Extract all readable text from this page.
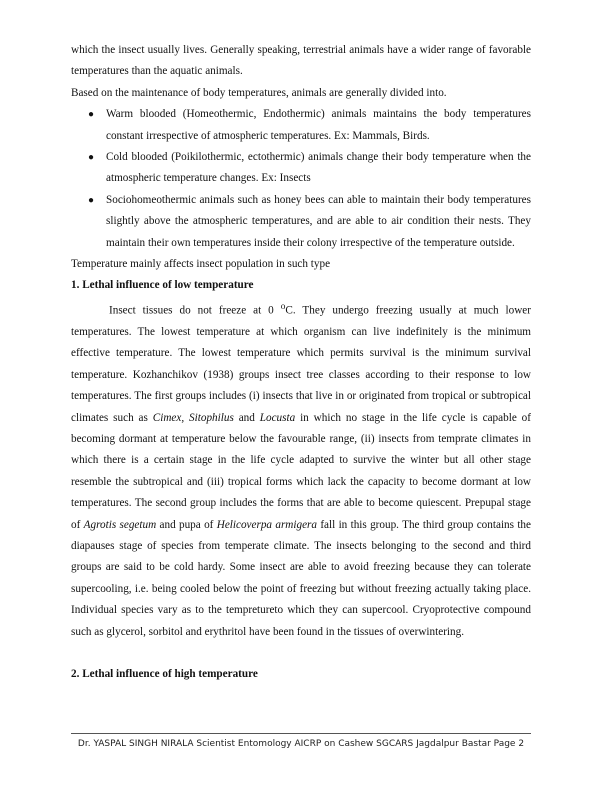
which the insect usually lives. Generally speaking, terrestrial animals have a wider range of favorable temperatures than the aquatic animals.

Based on the maintenance of body temperatures, animals are generally divided into.

● Warm blooded (Homeothermic, Endothermic) animals maintains the body temperatures constant irrespective of atmospheric temperatures. Ex: Mammals, Birds.
● Cold blooded (Poikilothermic, ectothermic) animals change their body temperature when the atmospheric temperature changes. Ex: Insects
● Sociohomeothermic animals such as honey bees can able to maintain their body temperatures slightly above the atmospheric temperatures, and are able to air condition their nests. They maintain their own temperatures inside their colony irrespective of the temperature outside.

Temperature mainly affects insect population in such type

1. Lethal influence of low temperature

Insect tissues do not freeze at 0 $^o$C. They undergo freezing usually at much lower temperatures. The lowest temperature at which organism can live indefinitely is the minimum effective temperature. The lowest temperature which permits survival is the minimum survival temperature. Kozhanchikov (1938) groups insect tree classes according to their response to low temperatures. The first groups includes (i) insects that live in or originated from tropical or subtropical climates such as Cimex, Sitophilus and Locusta in which no stage in the life cycle is capable of becoming dormant at temperature below the favourable range, (ii) insects from temprate climates in which there is a certain stage in the life cycle adapted to survive the winter but all other stage resemble the subtropical and (iii) tropical forms which lack the capacity to become dormant at low temperatures. The second group includes the forms that are able to become quiescent. Prepupal stage of Agrotis segetum and pupa of Helicoverpa armigera fall in this group. The third group contains the diapauses stage of species from temperate climate. The insects belonging to the second and third groups are said to be cold hardy. Some insect are able to avoid freezing because they can tolerate supercooling, i.e. being cooled below the point of freezing but without freezing actually taking place. Individual species vary as to the tempretureto which they can supercool. Cryoprotective compound such as glycerol, sorbitol and erythritol have been found in the tissues of overwintering.

2. Lethal influence of high temperature

Dr. YASPAL SINGH NIRALA Scientist Entomology AICRP on Cashew SGCARS Jagdalpur Bastar Page 2
